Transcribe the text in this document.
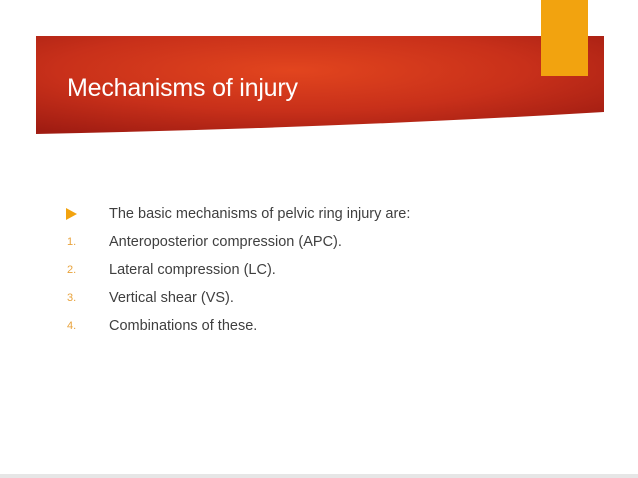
Mechanisms of injury
The basic mechanisms of pelvic ring injury are:
1. Anteroposterior compression (APC).
2. Lateral compression (LC).
3. Vertical shear (VS).
4. Combinations of these.
